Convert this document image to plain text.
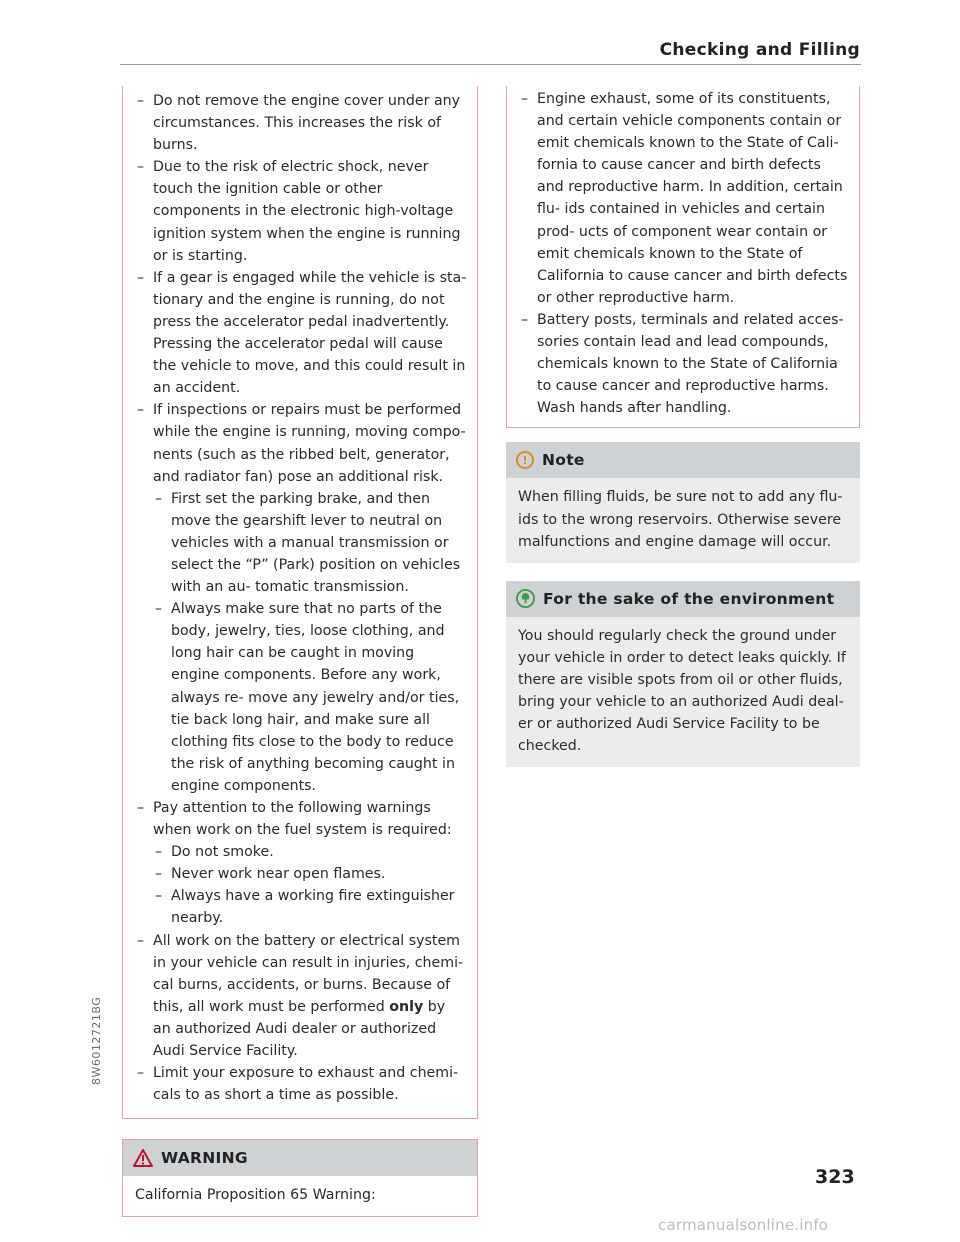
Checking and Filling
– Do not remove the engine cover under any circumstances. This increases the risk of burns.
– Due to the risk of electric shock, never touch the ignition cable or other components in the electronic high-voltage ignition system when the engine is running or is starting.
– If a gear is engaged while the vehicle is sta- tionary and the engine is running, do not press the accelerator pedal inadvertently. Pressing the accelerator pedal will cause the vehicle to move, and this could result in an accident.
– If inspections or repairs must be performed while the engine is running, moving compo- nents (such as the ribbed belt, generator, and radiator fan) pose an additional risk.
– First set the parking brake, and then move the gearshift lever to neutral on vehicles with a manual transmission or select the “P” (Park) position on vehicles with an au- tomatic transmission.
– Always make sure that no parts of the body, jewelry, ties, loose clothing, and long hair can be caught in moving engine components. Before any work, always re- move any jewelry and/or ties, tie back long hair, and make sure all clothing fits close to the body to reduce the risk of anything becoming caught in engine components.
– Pay attention to the following warnings when work on the fuel system is required:
– Do not smoke.
– Never work near open flames.
– Always have a working fire extinguisher nearby.
– All work on the battery or electrical system in your vehicle can result in injuries, chemi- cal burns, accidents, or burns. Because of this, all work must be performed only by an authorized Audi dealer or authorized Audi Service Facility.
– Limit your exposure to exhaust and chemi- cals to as short a time as possible.
WARNING
California Proposition 65 Warning:
– Engine exhaust, some of its constituents, and certain vehicle components contain or emit chemicals known to the State of Cali- fornia to cause cancer and birth defects and reproductive harm. In addition, certain flu- ids contained in vehicles and certain prod- ucts of component wear contain or emit chemicals known to the State of California to cause cancer and birth defects or other reproductive harm.
– Battery posts, terminals and related acces- sories contain lead and lead compounds, chemicals known to the State of California to cause cancer and reproductive harms. Wash hands after handling.
! Note
When filling fluids, be sure not to add any flu- ids to the wrong reservoirs. Otherwise severe malfunctions and engine damage will occur.
For the sake of the environment
You should regularly check the ground under your vehicle in order to detect leaks quickly. If there are visible spots from oil or other fluids, bring your vehicle to an authorized Audi deal- er or authorized Audi Service Facility to be checked.
8W6012721BG

323

carmanualsonline.info
